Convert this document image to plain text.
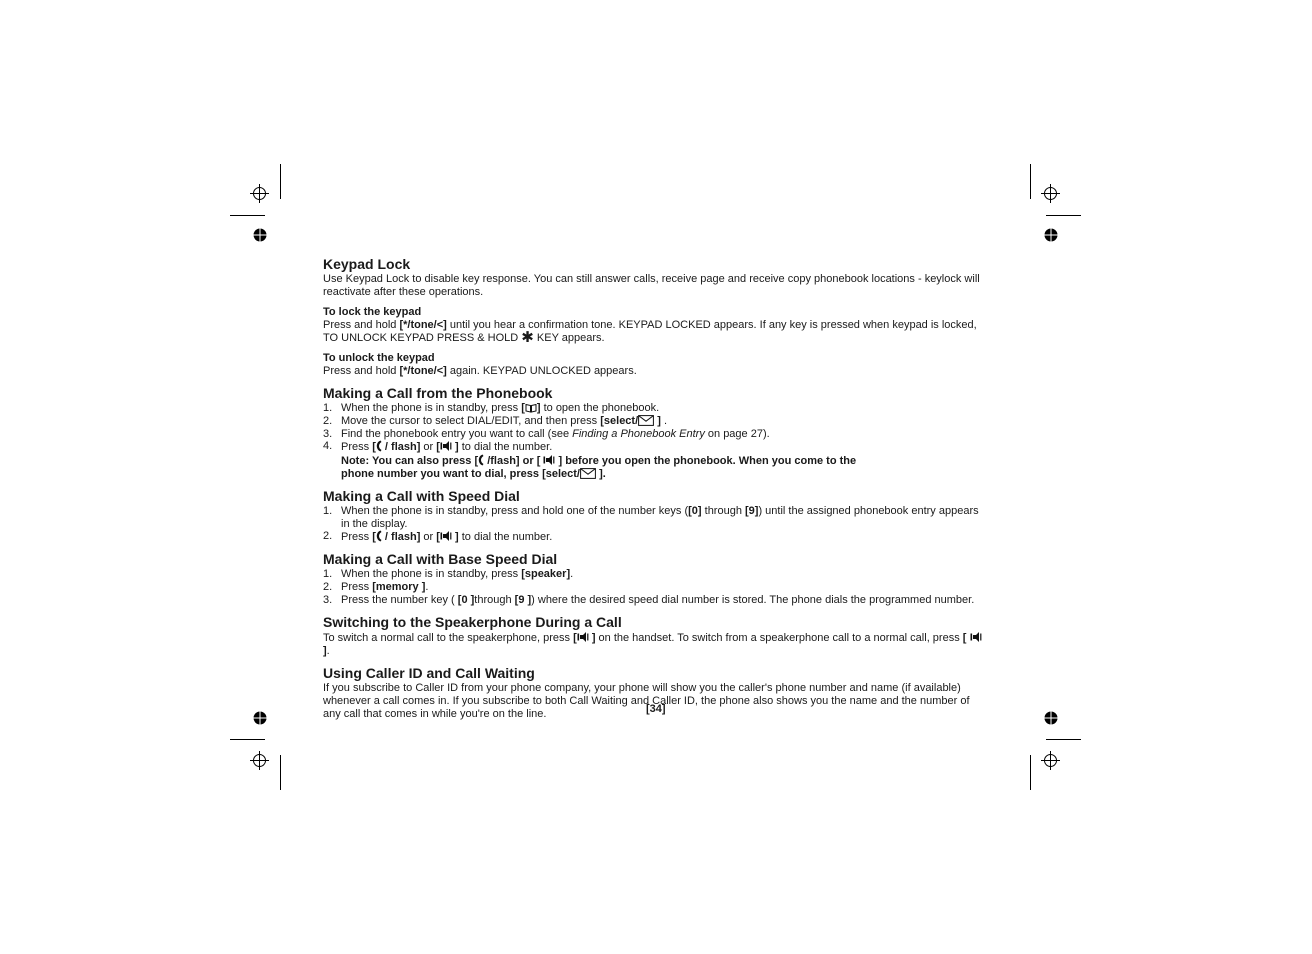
Keypad Lock

Use Keypad Lock to disable key response. You can still answer calls, receive page and receive copy phonebook locations - keylock will reactivate after these operations.

To lock the keypad

Press and hold [*/tone/<] until you hear a confirmation tone. KEYPAD LOCKED appears. If any key is pressed when keypad is locked, TO UNLOCK KEYPAD PRESS & HOLD ✱ KEY appears.

To unlock the keypad

Press and hold [*/tone/<] again. KEYPAD UNLOCKED appears.

Making a Call from the Phonebook
1. When the phone is in standby, press [ ] to open the phonebook.
2. Move the cursor to select DIAL/EDIT, and then press [select/ ] .
3. Find the phonebook entry you want to call (see Finding a Phonebook Entry on page 27).
4. Press [ / flash] or [ ] to dial the number.
Note: You can also press [ /flash] or [  ] before you open the phonebook. When you come to the
phone number you want to dial, press [select/ ].
Making a Call with Speed Dial
1. When the phone is in standby, press and hold one of the number keys ([0] through [9]) until the assigned phonebook entry appears in the display.
2. Press [ / flash] or [ ] to dial the number.
Making a Call with Base Speed Dial
1. When the phone is in standby, press [speaker].
2. Press [memory ].
3. Press the number key ( [0 ]through [9 ]) where the desired speed dial number is stored. The phone dials the programmed number.
Switching to the Speakerphone During a Call

To switch a normal call to the speakerphone, press [ ] on the handset. To switch from a speakerphone call to a normal call, press [  ].

Using Caller ID and Call Waiting

If you subscribe to Caller ID from your phone company, your phone will show you the caller's phone number and name (if available) whenever a call comes in. If you subscribe to both Call Waiting and Caller ID, the phone also shows you the name and the number of any call that comes in while you're on the line.	[34]
